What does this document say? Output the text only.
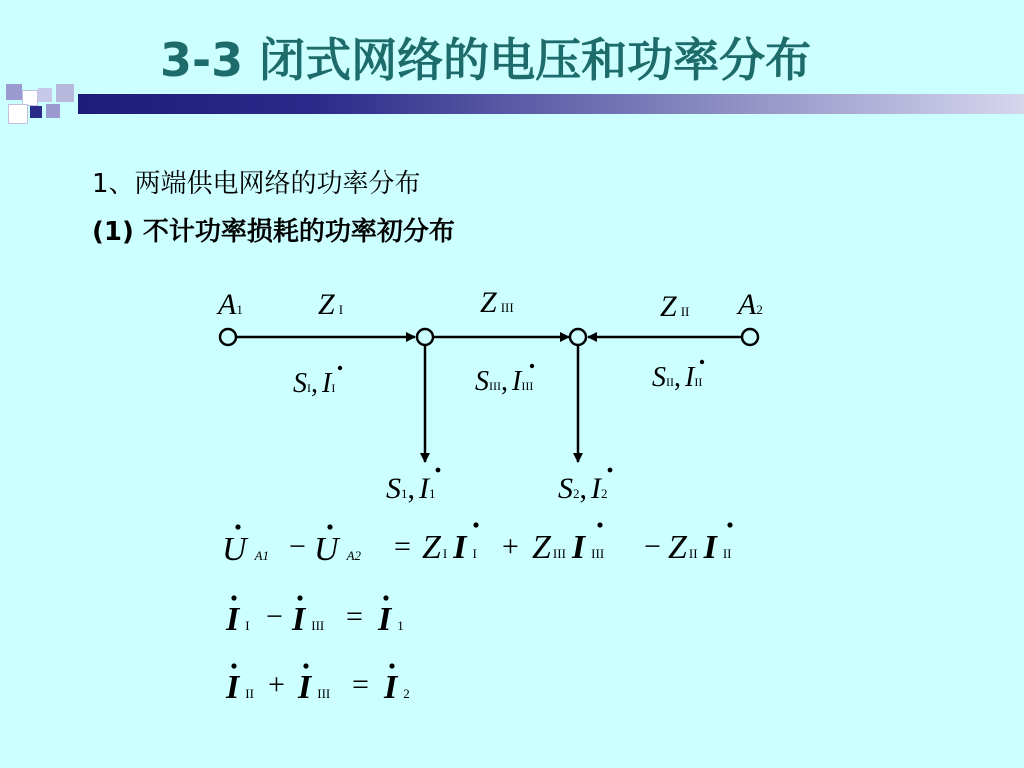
3-3 闭式网络的电压和功率分布
1、两端供电网络的功率分布
(1) 不计功率损耗的功率初分布
A1	Z I	ZIII	ZII A2
SI, II	SIII, IIII	SII, III
S1, I1	S2, I2
U A1 − U A2 = Z I I I + ZIII I III − ZII I II
I I − IIII = I 1
III + IIII = I 2
